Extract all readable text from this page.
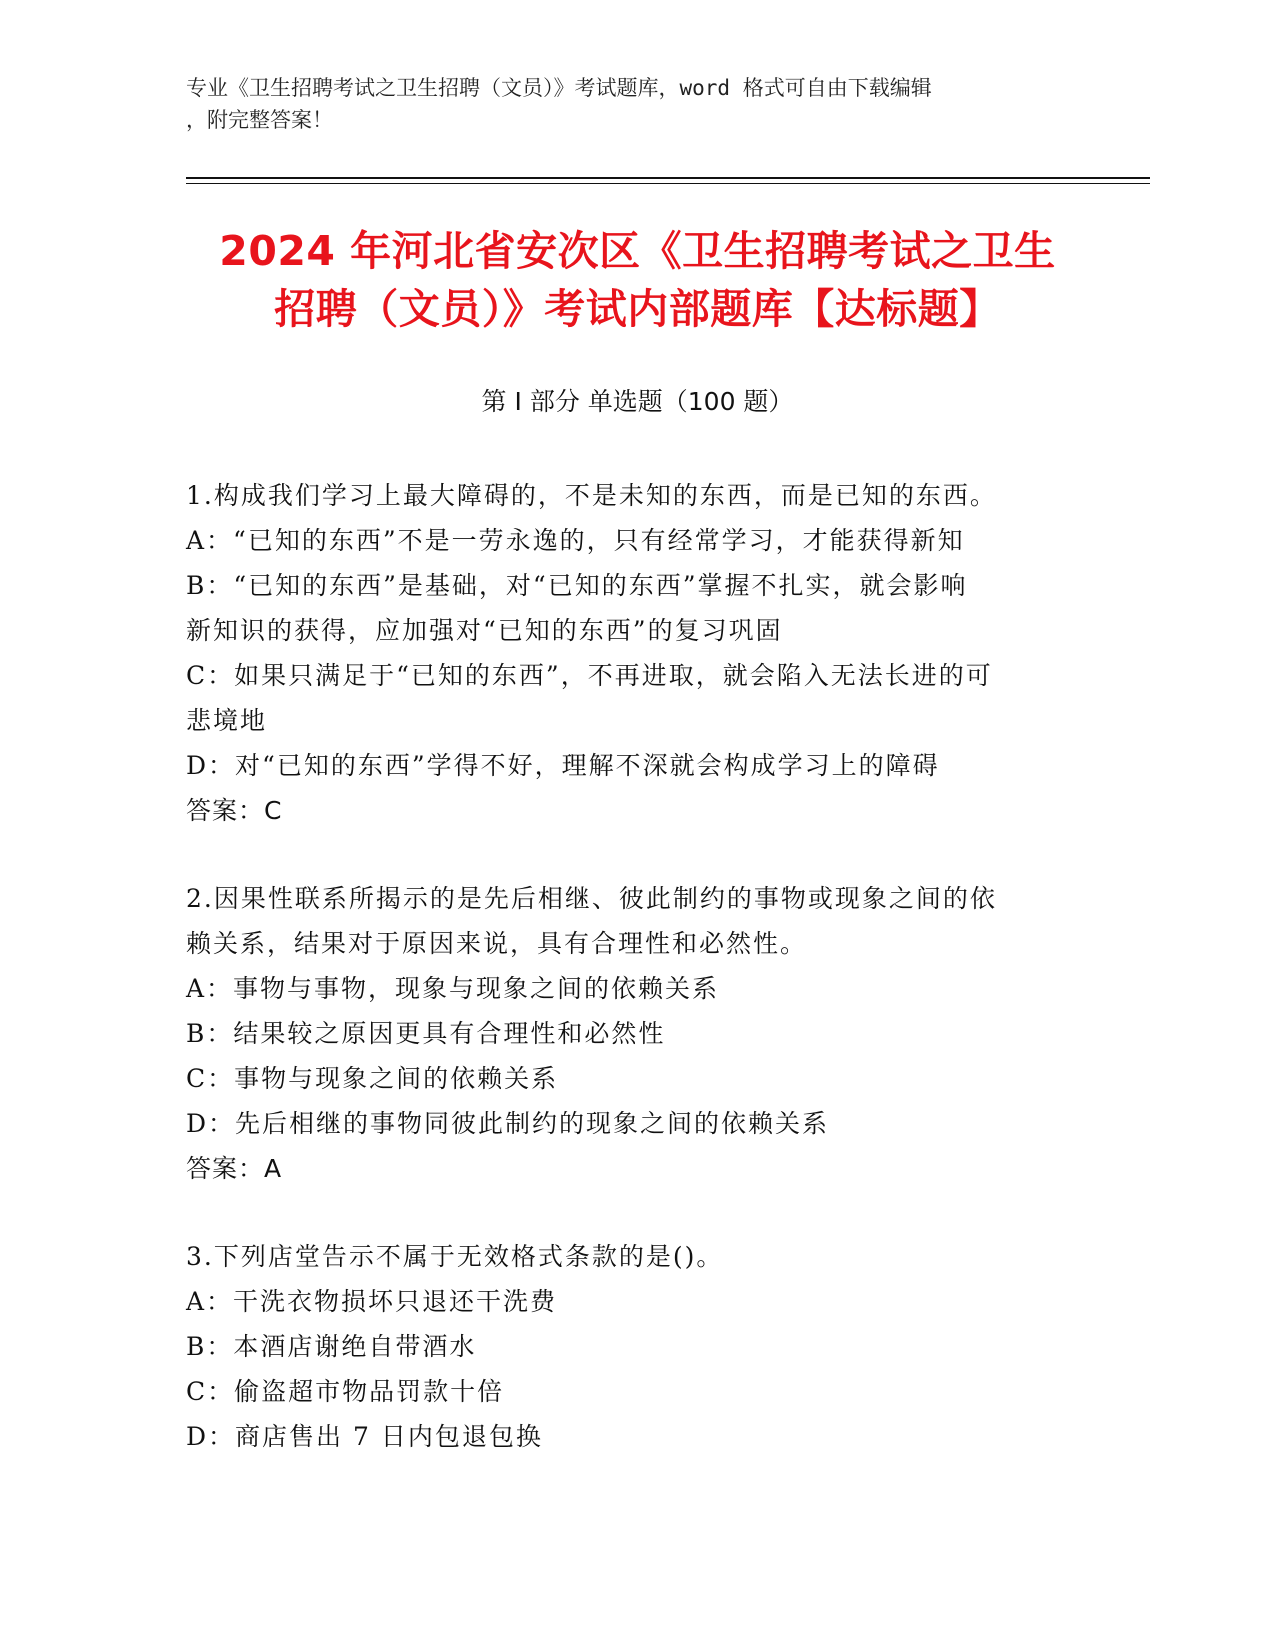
专业《卫生招聘考试之卫生招聘（文员）》考试题库，word 格式可自由下载编辑
，附完整答案！
2024 年河北省安次区《卫生招聘考试之卫生
招聘（文员）》考试内部题库【达标题】
第 I 部分 单选题（100 题）
1.构成我们学习上最大障碍的，不是未知的东西，而是已知的东西。
A：“已知的东西”不是一劳永逸的，只有经常学习，才能获得新知
B：“已知的东西”是基础，对“已知的东西”掌握不扎实，就会影响
新知识的获得，应加强对“已知的东西”的复习巩固
C：如果只满足于“已知的东西”，不再进取，就会陷入无法长进的可
悲境地
D：对“已知的东西”学得不好，理解不深就会构成学习上的障碍
答案：C
2.因果性联系所揭示的是先后相继、彼此制约的事物或现象之间的依
赖关系，结果对于原因来说，具有合理性和必然性。
A：事物与事物，现象与现象之间的依赖关系
B：结果较之原因更具有合理性和必然性
C：事物与现象之间的依赖关系
D：先后相继的事物同彼此制约的现象之间的依赖关系
答案：A
3.下列店堂告示不属于无效格式条款的是()。
A：干洗衣物损坏只退还干洗费
B：本酒店谢绝自带酒水
C：偷盗超市物品罚款十倍
D：商店售出 7 日内包退包换
